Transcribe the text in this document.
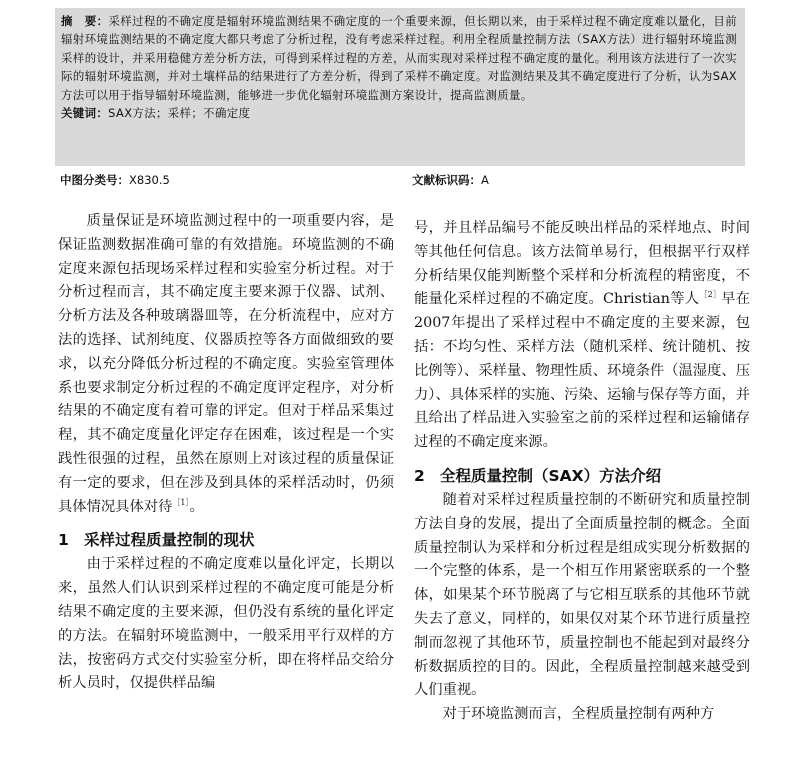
摘　要：采样过程的不确定度是辐射环境监测结果不确定度的一个重要来源，但长期以来，由于采样过程不确定度难以量化，目前辐射环境监测结果的不确定度大都只考虑了分析过程，没有考虑采样过程。利用全程质量控制方法（SAX方法）进行辐射环境监测采样的设计，并采用稳健方差分析方法，可得到采样过程的方差，从而实现对采样过程不确定度的量化。利用该方法进行了一次实际的辐射环境监测，并对土壤样品的结果进行了方差分析，得到了采样不确定度。对监测结果及其不确定度进行了分析，认为SAX方法可以用于指导辐射环境监测，能够进一步优化辐射环境监测方案设计，提高监测质量。

关键词：SAX方法；采样；不确定度

中图分类号：X830.5	文献标识码：A

质量保证是环境监测过程中的一项重要内容，是保证监测数据准确可靠的有效措施。环境监测的不确定度来源包括现场采样过程和实验室分析过程。对于分析过程而言，其不确定度主要来源于仪器、试剂、分析方法及各种玻璃器皿等，在分析流程中，应对方法的选择、试剂纯度、仪器质控等各方面做细致的要求，以充分降低分析过程的不确定度。实验室管理体系也要求制定分析过程的不确定度评定程序，对分析结果的不确定度有着可靠的评定。但对于样品采集过程，其不确定度量化评定存在困难，该过程是一个实践性很强的过程，虽然在原则上对该过程的质量保证有一定的要求，但在涉及到具体的采样活动时，仍须具体情况具体对待$^{[1]}$。

1 采样过程质量控制的现状

由于采样过程的不确定度难以量化评定，长期以来，虽然人们认识到采样过程的不确定度可能是分析结果不确定度的主要来源，但仍没有系统的量化评定的方法。在辐射环境监测中，一般采用平行双样的方法，按密码方式交付实验室分析，即在将样品交给分析人员时，仅提供样品编

号，并且样品编号不能反映出样品的采样地点、时间等其他任何信息。该方法简单易行，但根据平行双样分析结果仅能判断整个采样和分析流程的精密度，不能量化采样过程的不确定度。Christian等人$^{[2]}$早在2007年提出了采样过程中不确定度的主要来源，包括：不均匀性、采样方法（随机采样、统计随机、按比例等）、采样量、物理性质、环境条件（温湿度、压力）、具体采样的实施、污染、运输与保存等方面，并且给出了样品进入实验室之前的采样过程和运输储存过程的不确定度来源。

2 全程质量控制（SAX）方法介绍

随着对采样过程质量控制的不断研究和质量控制方法自身的发展，提出了全面质量控制的概念。全面质量控制认为采样和分析过程是组成实现分析数据的一个完整的体系，是一个相互作用紧密联系的一个整体，如果某个环节脱离了与它相互联系的其他环节就失去了意义，同样的，如果仅对某个环节进行质量控制而忽视了其他环节，质量控制也不能起到对最终分析数据质控的目的。因此，全程质量控制越来越受到人们重视。

对于环境监测而言，全程质量控制有两种方
